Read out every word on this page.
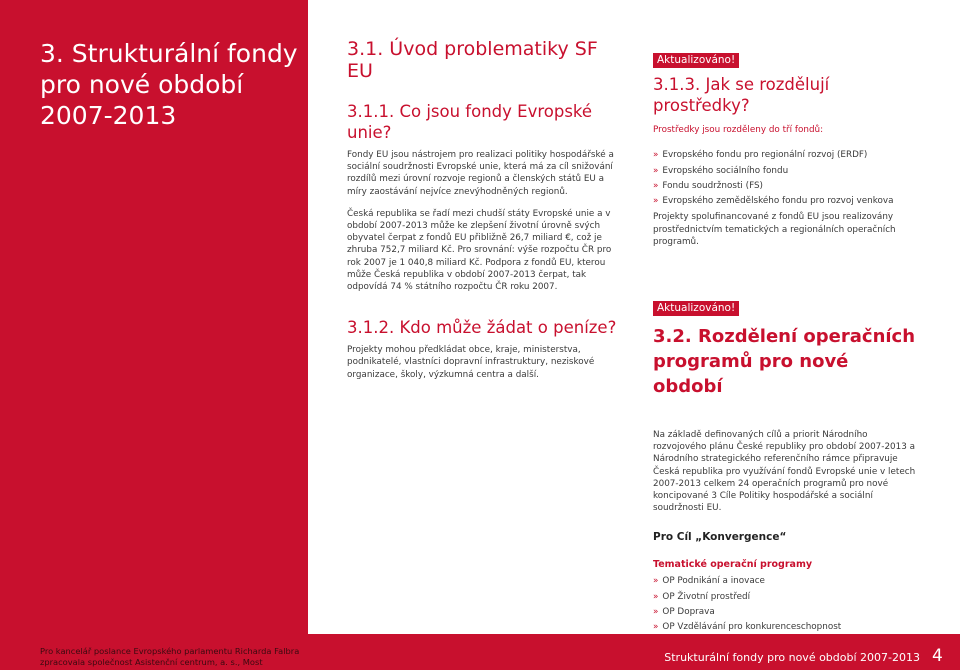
3. Strukturální fondy pro nové období 2007-2013
3.1. Úvod problematiky SF EU
3.1.1. Co jsou fondy Evropské unie?

Fondy EU jsou nástrojem pro realizaci politiky hospodářské a sociální soudržnosti Evropské unie, která má za cíl snižování rozdílů mezi úrovní rozvoje regionů a členských států EU a míry zaostávání nejvíce znevýhodněných regionů.

Česká republika se řadí mezi chudší státy Evropské unie a v období 2007-2013 může ke zlepšení životní úrovně svých obyvatel čerpat z fondů EU přibližně 26,7 miliard €, což je zhruba 752,7 miliard Kč. Pro srovnání: výše rozpočtu ČR pro rok 2007 je 1 040,8 miliard Kč. Podpora z fondů EU, kterou může Česká republika v období 2007-2013 čerpat, tak odpovídá 74 % státního rozpočtu ČR roku 2007.

3.1.2. Kdo může žádat o peníze?

Projekty mohou předkládat obce, kraje, ministerstva, podnikatelé, vlastníci dopravní infrastruktury, neziskové organizace, školy, výzkumná centra a další.

Aktualizováno!
3.1.3. Jak se rozdělují prostředky?

Prostředky jsou rozděleny do tří fondů:

» Evropského fondu pro regionální rozvoj (ERDF)
» Evropského sociálního fondu
» Fondu soudržnosti (FS)
» Evropského zemědělského fondu pro rozvoj venkova

Projekty spolufinancované z fondů EU jsou realizovány prostřednictvím tematických a regionálních operačních programů.

Aktualizováno!
3.2. Rozdělení operačních programů pro nové období

Na základě definovaných cílů a priorit Národního rozvojového plánu České republiky pro období 2007-2013 a Národního strategického referenčního rámce připravuje Česká republika pro využívání fondů Evropské unie v letech 2007-2013 celkem 24 operačních programů pro nové koncipované 3 Cíle Politiky hospodářské a sociální soudržnosti EU.

Pro Cíl „Konvergence“

Tematické operační programy

» OP Podnikání a inovace
» OP Životní prostředí
» OP Doprava
» OP Vzdělávání pro konkurenceschopnost

Pro kancelář poslance Evropského parlamentu Richarda Falbra zpracovala společnost Asistenční centrum, a. s., Most	Strukturální fondy pro nové období 2007-2013 4
